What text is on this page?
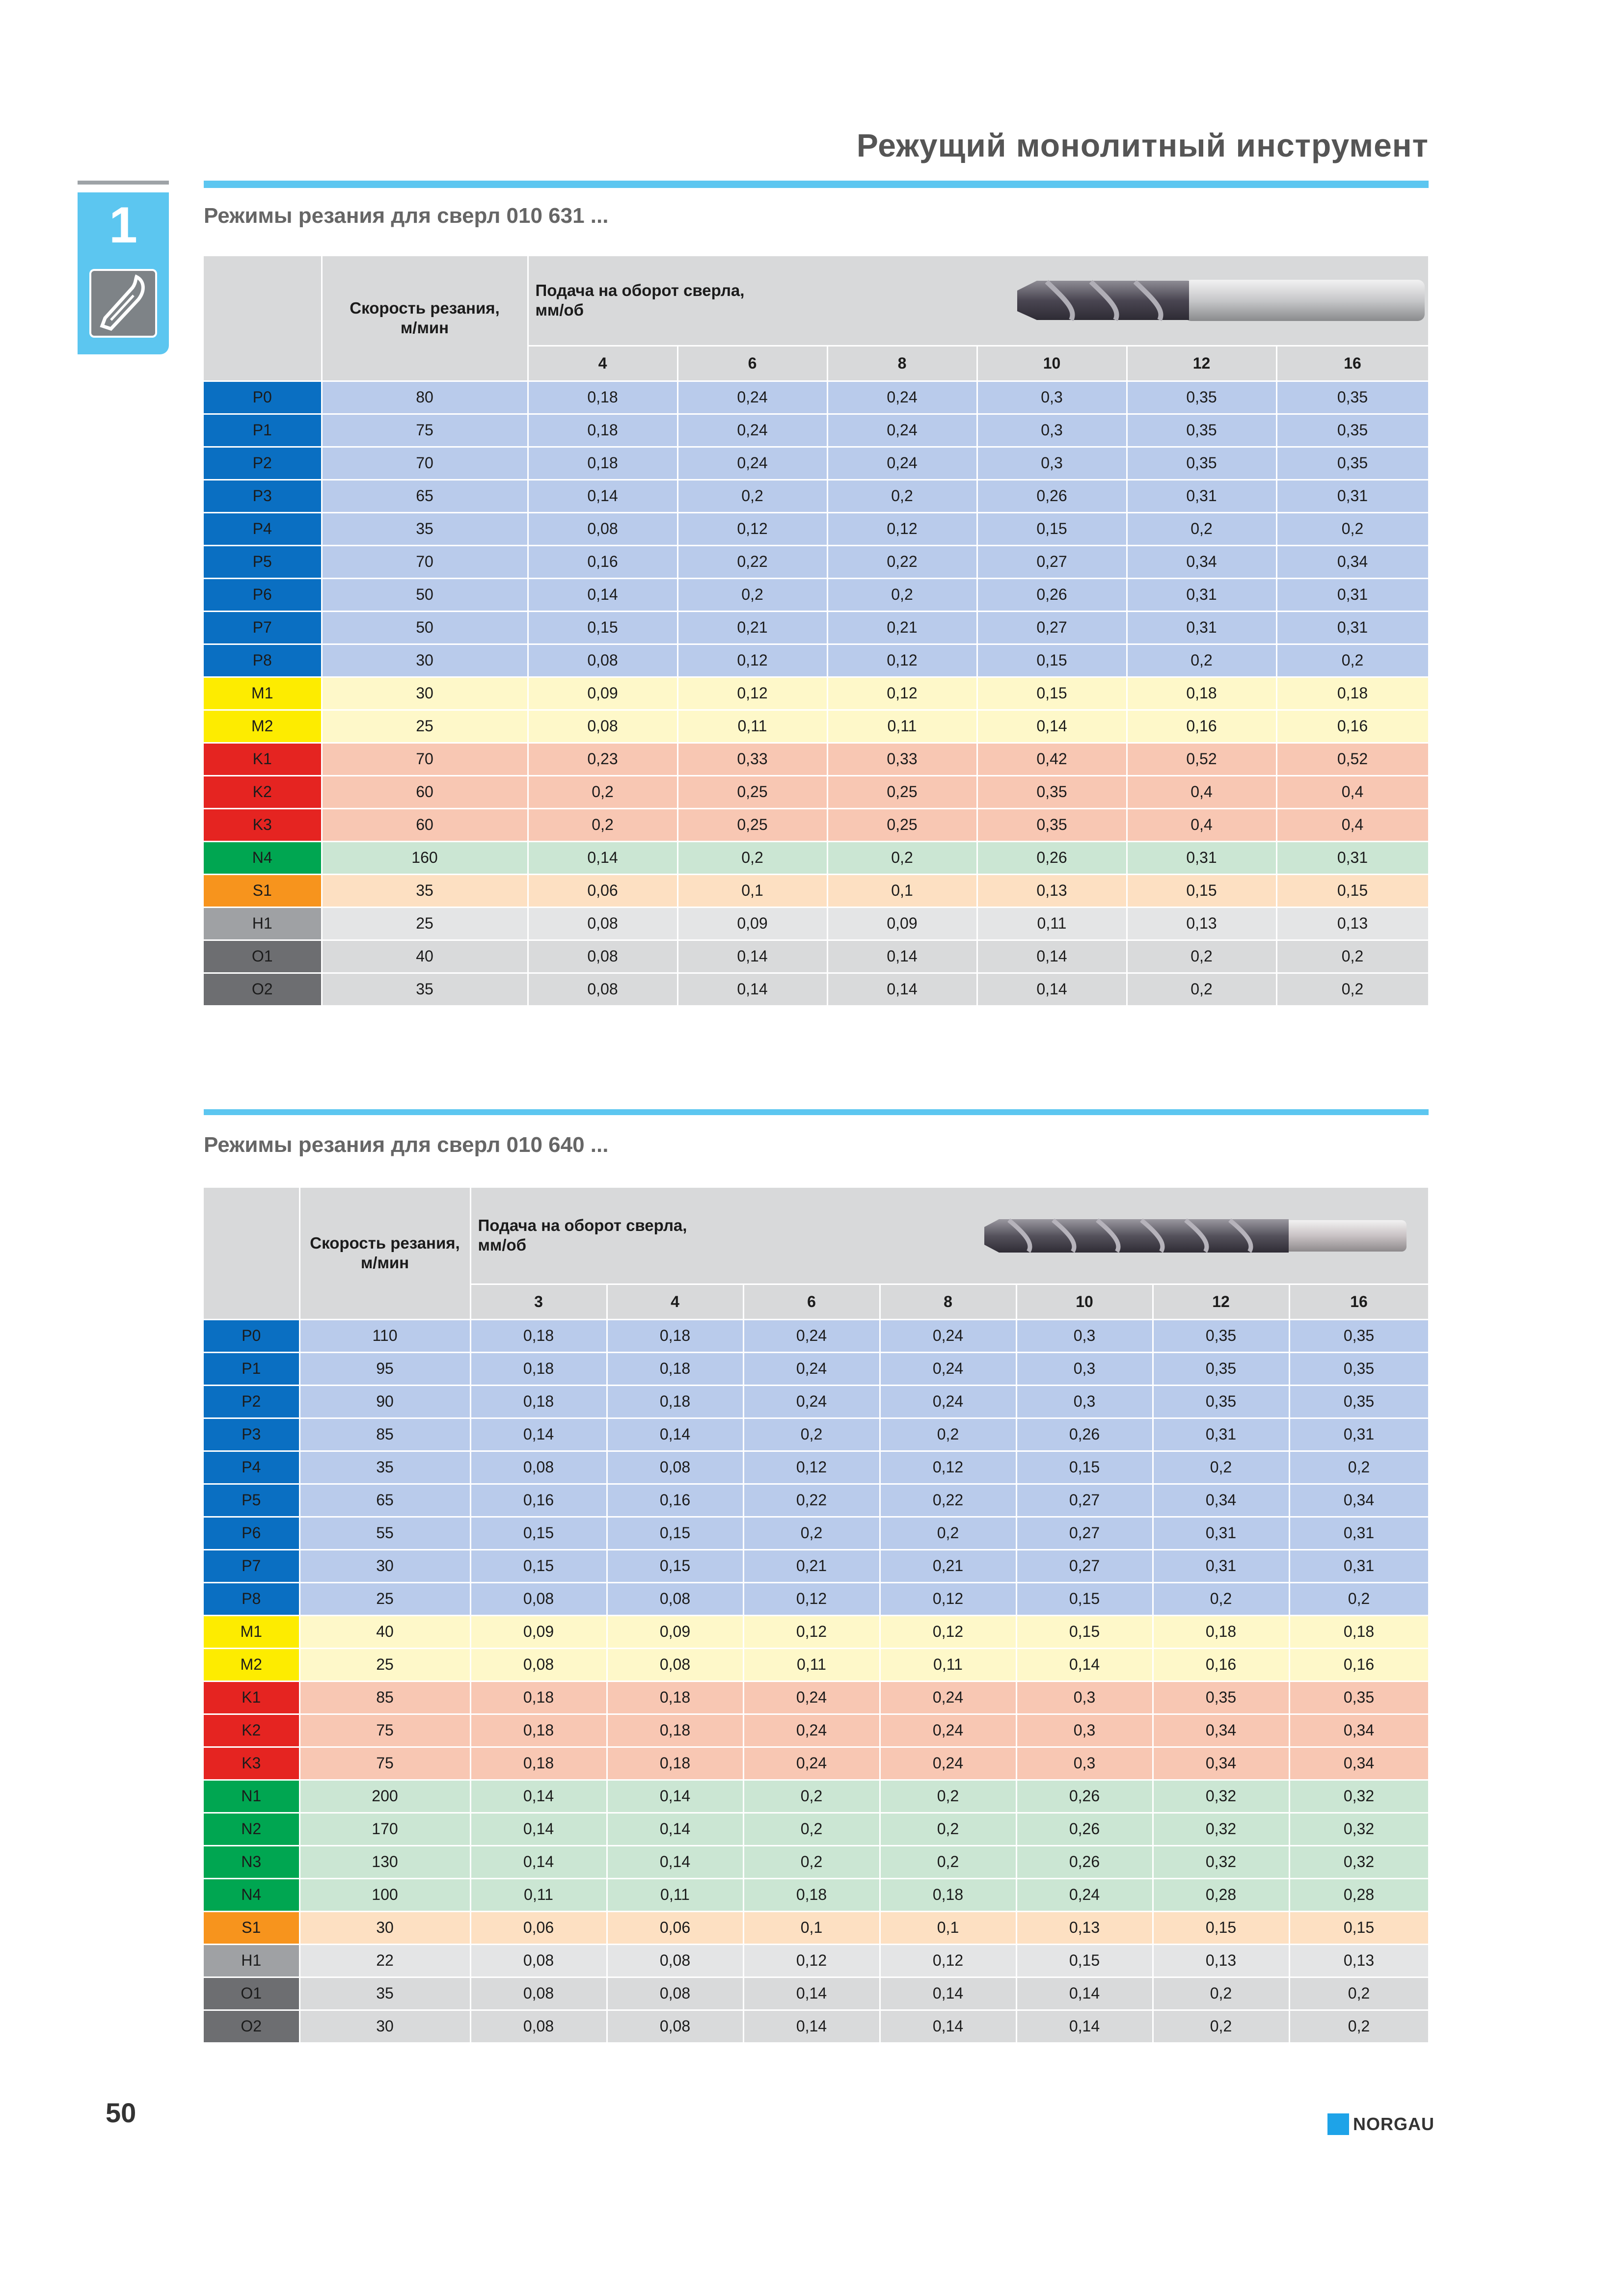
Режущий монолитный инструмент
1	Режимы резания для сверл 010 631 ...

	Скорость резания, м/мин	Подача на оборот сверла, мм/об					

		4	6	8	10	12	16
P0	80	0,18	0,24	0,24	0,3	0,35	0,35
P1	75	0,18	0,24	0,24	0,3	0,35	0,35
P2	70	0,18	0,24	0,24	0,3	0,35	0,35
P3	65	0,14	0,2	0,2	0,26	0,31	0,31
P4	35	0,08	0,12	0,12	0,15	0,2	0,2
P5	70	0,16	0,22	0,22	0,27	0,34	0,34
P6	50	0,14	0,2	0,2	0,26	0,31	0,31
P7	50	0,15	0,21	0,21	0,27	0,31	0,31
P8	30	0,08	0,12	0,12	0,15	0,2	0,2
M1	30	0,09	0,12	0,12	0,15	0,18	0,18
M2	25	0,08	0,11	0,11	0,14	0,16	0,16
K1	70	0,23	0,33	0,33	0,42	0,52	0,52
K2	60	0,2	0,25	0,25	0,35	0,4	0,4
K3	60	0,2	0,25	0,25	0,35	0,4	0,4
N4	160	0,14	0,2	0,2	0,26	0,31	0,31
S1	35	0,06	0,1	0,1	0,13	0,15	0,15
H1	25	0,08	0,09	0,09	0,11	0,13	0,13
O1	40	0,08	0,14	0,14	0,14	0,2	0,2
O2	35	0,08	0,14	0,14	0,14	0,2	0,2
Режимы резания для сверл 010 640 ...

	Скорость резания, м/мин	Подача на оборот сверла, мм/об						

		3	4	6	8	10	12	16
P0	110	0,18	0,18	0,24	0,24	0,3	0,35	0,35
P1	95	0,18	0,18	0,24	0,24	0,3	0,35	0,35
P2	90	0,18	0,18	0,24	0,24	0,3	0,35	0,35
P3	85	0,14	0,14	0,2	0,2	0,26	0,31	0,31
P4	35	0,08	0,08	0,12	0,12	0,15	0,2	0,2
P5	65	0,16	0,16	0,22	0,22	0,27	0,34	0,34
P6	55	0,15	0,15	0,2	0,2	0,27	0,31	0,31
P7	30	0,15	0,15	0,21	0,21	0,27	0,31	0,31
P8	25	0,08	0,08	0,12	0,12	0,15	0,2	0,2
M1	40	0,09	0,09	0,12	0,12	0,15	0,18	0,18
M2	25	0,08	0,08	0,11	0,11	0,14	0,16	0,16
K1	85	0,18	0,18	0,24	0,24	0,3	0,35	0,35
K2	75	0,18	0,18	0,24	0,24	0,3	0,34	0,34
K3	75	0,18	0,18	0,24	0,24	0,3	0,34	0,34
N1	200	0,14	0,14	0,2	0,2	0,26	0,32	0,32
N2	170	0,14	0,14	0,2	0,2	0,26	0,32	0,32
N3	130	0,14	0,14	0,2	0,2	0,26	0,32	0,32
N4	100	0,11	0,11	0,18	0,18	0,24	0,28	0,28
S1	30	0,06	0,06	0,1	0,1	0,13	0,15	0,15
H1	22	0,08	0,08	0,12	0,12	0,15	0,13	0,13
O1	35	0,08	0,08	0,14	0,14	0,14	0,2	0,2
O2	30	0,08	0,08	0,14	0,14	0,14	0,2	0,2
50	NORGAU
